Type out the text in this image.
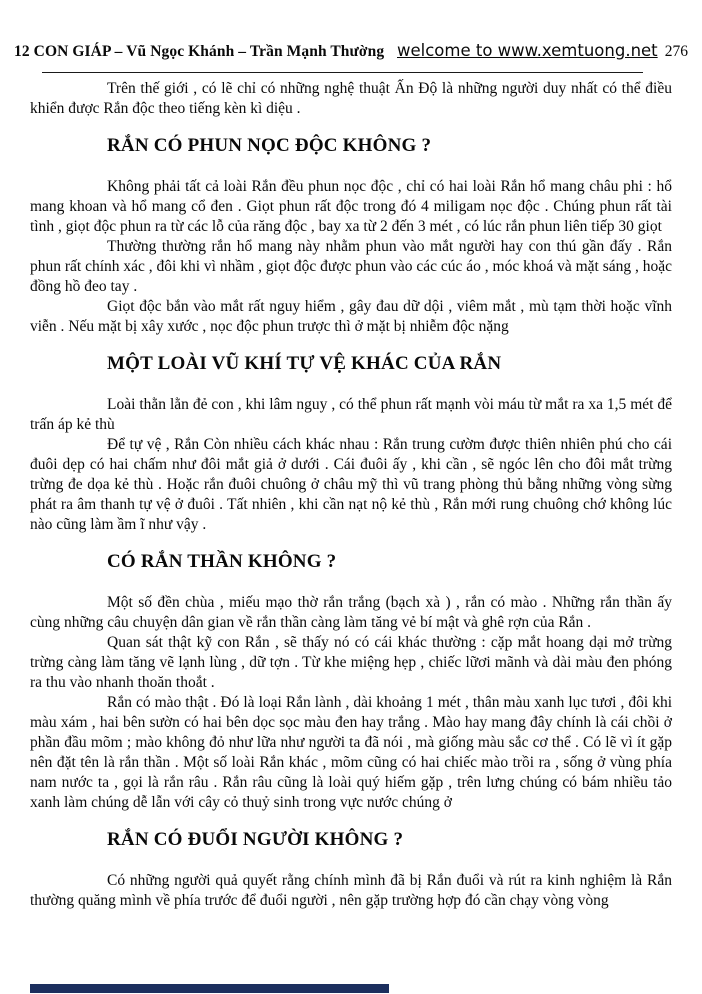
12 CON GIÁP – Vũ Ngọc Khánh – Trần Mạnh Thường welcome to www.xemtuong.net 276

Trên thế giới , có lẽ chỉ có những nghệ thuật Ấn Độ là những người duy nhất có thể điều khiển được Rắn độc theo tiếng kèn kì diệu .

RẮN CÓ PHUN NỌC ĐỘC KHÔNG ?

Không phải tất cả loài Rắn đều phun nọc độc , chỉ có hai loài Rắn hổ mang châu phi : hổ mang khoan và hổ mang cổ đen . Giọt phun rất độc trong đó 4 miligam nọc độc . Chúng phun rất tài tình , giọt độc phun ra từ các lỗ của răng độc , bay xa từ 2 đến 3 mét , có lúc rắn phun liên tiếp 30 giọt

Thường thường rắn hổ mang này nhằm phun vào mắt người hay con thú gần đấy . Rắn phun rất chính xác , đôi khi vì nhầm , giọt độc được phun vào các cúc áo , móc khoá và mặt sáng , hoặc đồng hồ đeo tay .

Giọt độc bắn vào mắt rất nguy hiểm , gây đau dữ dội , viêm mắt , mù tạm thời hoặc vĩnh viễn . Nếu mặt bị xây xước , nọc độc phun trược thì ở mặt bị nhiễm độc nặng

MỘT LOÀI VŨ KHÍ TỰ VỆ KHÁC CỦA RẮN

Loài thằn lằn đẻ con , khi lâm nguy , có thể phun rất mạnh vòi máu từ mắt ra xa 1,5 mét để trấn áp kẻ thù

Để tự vệ , Rắn Còn nhiều cách khác nhau : Rắn trung cườm được thiên nhiên phú cho cái đuôi dẹp có hai chấm như đôi mắt giả ở dưới . Cái đuôi ấy , khi cần , sẽ ngóc lên cho đôi mắt trừng trừng đe dọa kẻ thù . Hoặc rắn đuôi chuông ở châu mỹ thì vũ trang phòng thủ bằng những vòng sừng phát ra âm thanh tự vệ ở đuôi . Tất nhiên , khi cần nạt nộ kẻ thù , Rắn mới rung chuông chớ không lúc nào cũng làm ầm ĩ như vậy .

CÓ RẮN THẦN KHÔNG ?

Một số đền chùa , miếu mạo thờ rắn trắng (bạch xà ) , rắn có mào . Những rắn thần ấy cùng những câu chuyện dân gian về rắn thần càng làm tăng vẻ bí mật và ghê rợn của Rắn .

Quan sát thật kỹ con Rắn , sẽ thấy nó có cái khác thường : cặp mắt hoang dại mở trừng trừng càng làm tăng vẽ lạnh lùng , dữ tợn . Từ khe miệng hẹp , chiếc lữơi mãnh và dài màu đen phóng ra thu vào nhanh thoăn thoắt .

Rắn có mào thật . Đó là loại Rắn lành , dài khoảng 1 mét , thân màu xanh lục tươi , đôi khi màu xám , hai bên sườn có hai bên dọc sọc màu đen hay trắng . Mào hay mang đây chính là cái chồi ở phần đầu mõm ; mào không đỏ như lữa như người ta đã nói , mà giống màu sắc cơ thể . Có lẽ vì ít gặp nên đặt tên là rắn thần . Một số loài Rắn khác , mõm cũng có hai chiếc mào trồi ra , sống ở vùng phía nam nước ta , gọi là rắn râu . Rắn râu cũng là loài quý hiếm gặp , trên lưng chúng có bám nhiều tảo xanh làm chúng dễ lẫn với cây cỏ thuỷ sinh trong vực nước chúng ở

RẮN CÓ ĐUỔI NGƯỜI KHÔNG ?

Có những người quả quyết rằng chính mình đã bị Rắn đuổi và rút ra kinh nghiệm là Rắn thường quăng mình về phía trước để đuổi người , nên gặp trường hợp đó cần chạy vòng vòng
